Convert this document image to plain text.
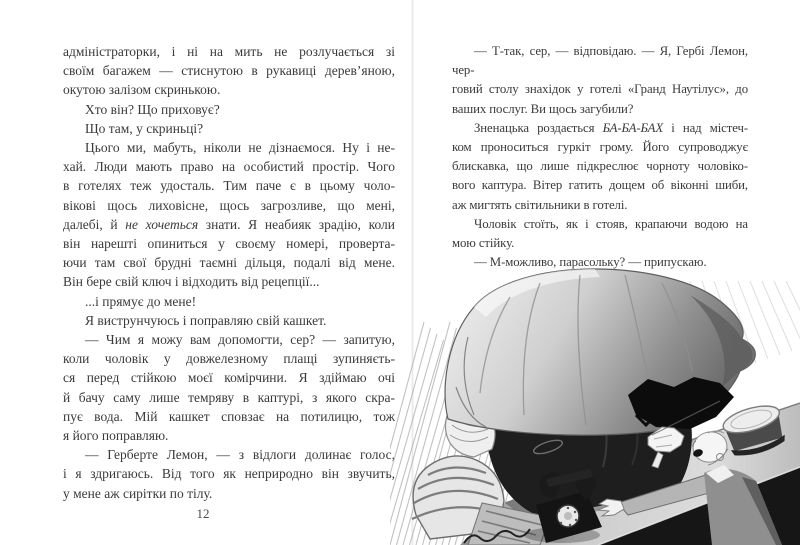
адміністраторки, і ні на мить не розлучається зі
своїм багажем — стиснутою в рукавиці дерев’яною,
окутою залізом скринькою.
Хто він? Що приховує?
Що там, у скриньці?
Цього ми, мабуть, ніколи не дізнаємося. Ну і не-
хай. Люди мають право на особистий простір. Чого
в готелях теж удосталь. Тим паче є в цьому чоло-
вікові щось лиховісне, щось загрозливе, що мені,
далебі, й не хочеться знати. Я неабияк зрадію, коли
він нарешті опиниться у своєму номері, проверта-
ючи там свої брудні таємні дільця, подалі від мене.
Він бере свій ключ і відходить від рецепції...
...і прямує до мене!
Я виструнчуюсь і поправляю свій кашкет.
— Чим я можу вам допомогти, сер? — запитую,
коли чоловік у довжелезному плащі зупиняєть-
ся перед стійкою моєї комірчини. Я здіймаю очі
й бачу саму лише темряву в каптурі, з якого скра-
пує вода. Мій кашкет сповзає на потилицю, тож
я його поправляю.
— Герберте Лемон, — з відлоги долинає голос,
і я здригаюсь. Від того як неприродно він звучить,
у мене аж сирітки по тілу.
12
— Т-так, сер, — відповідаю. — Я, Гербі Лемон, чер-
говий столу знахідок у готелі «Гранд Наутілус», до
ваших послуг. Ви щось загубили?
Зненацька роздається БА-БА-БАХ і над містеч-
ком проноситься гуркіт грому. Його супроводжує
блискавка, що лише підкреслює чорноту чоловіко-
вого каптура. Вітер гатить дощем об віконні шиби,
аж мигтять світильники в готелі.
Чоловік стоїть, як і стояв, крапаючи водою на
мою стійку.
— М-можливо, парасольку? — припускаю.
